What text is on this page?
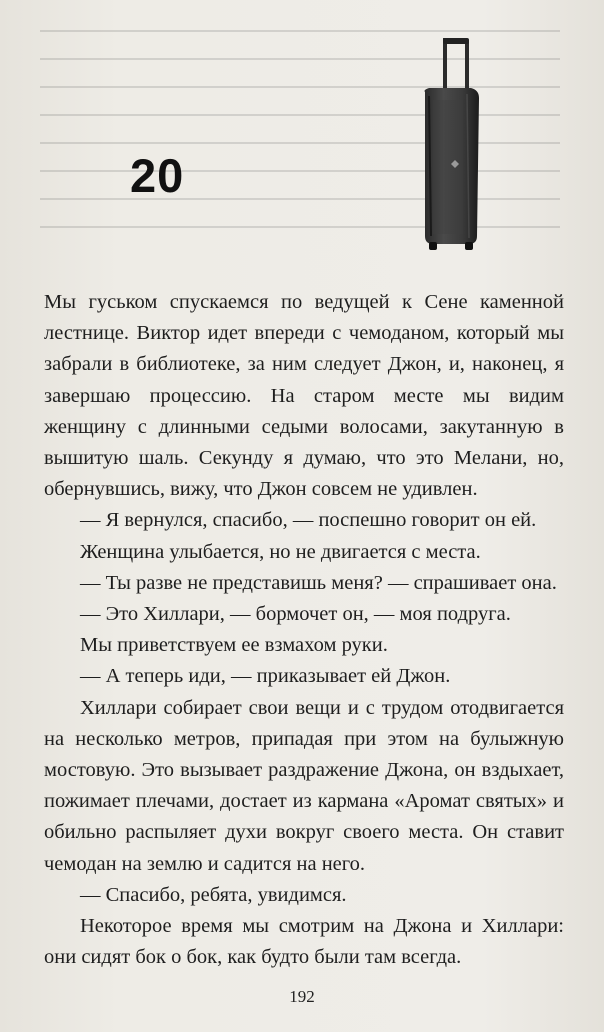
20

Мы гуськом спускаемся по ведущей к Сене каменной лестнице. Виктор идет впереди с чемоданом, который мы забрали в библиотеке, за ним следует Джон, и, наконец, я завершаю процессию. На старом месте мы видим женщину с длинными седыми волосами, закутанную в вышитую шаль. Секунду я думаю, что это Мелани, но, обернувшись, вижу, что Джон совсем не удивлен.

— Я вернулся, спасибо, — поспешно говорит он ей.

Женщина улыбается, но не двигается с места.

— Ты разве не представишь меня? — спрашивает она.

— Это Хиллари, — бормочет он, — моя подруга.

Мы приветствуем ее взмахом руки.

— А теперь иди, — приказывает ей Джон.

Хиллари собирает свои вещи и с трудом отодвигается на несколько метров, припадая при этом на булыжную мостовую. Это вызывает раздражение Джона, он вздыхает, пожимает плечами, достает из кармана «Аромат святых» и обильно распыляет духи вокруг своего места. Он ставит чемодан на землю и садится на него.

— Спасибо, ребята, увидимся.

Некоторое время мы смотрим на Джона и Хиллари: они сидят бок о бок, как будто были там всегда.

192
